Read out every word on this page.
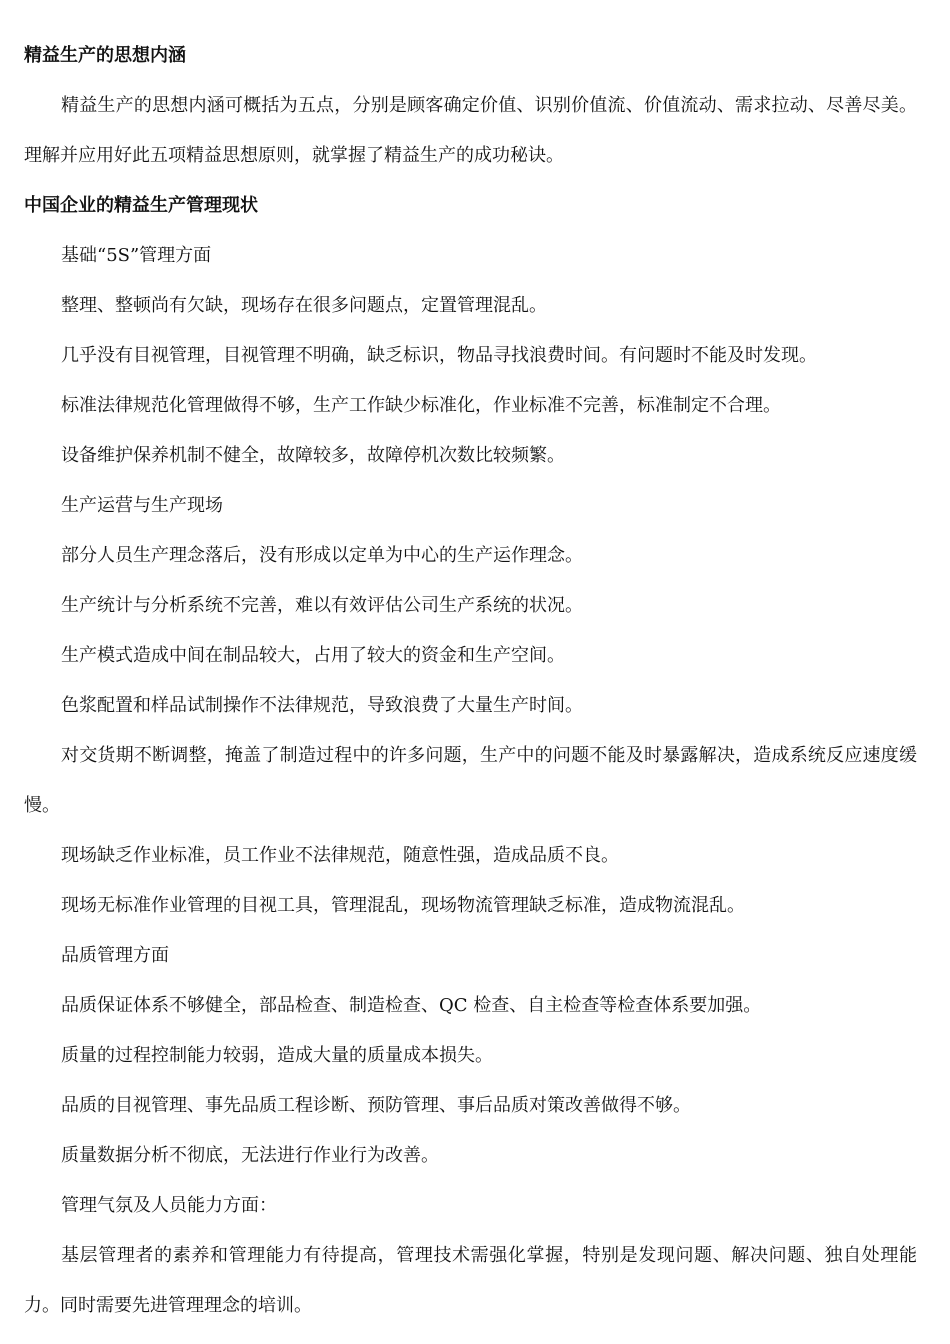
精益生产的思想内涵

精益生产的思想内涵可概括为五点，分别是顾客确定价值、识别价值流、价值流动、需求拉动、尽善尽美。理解并应用好此五项精益思想原则，就掌握了精益生产的成功秘诀。

中国企业的精益生产管理现状

基础“5S”管理方面

整理、整顿尚有欠缺，现场存在很多问题点，定置管理混乱。

几乎没有目视管理，目视管理不明确，缺乏标识，物品寻找浪费时间。有问题时不能及时发现。

标准法律规范化管理做得不够，生产工作缺少标准化，作业标准不完善，标准制定不合理。

设备维护保养机制不健全，故障较多，故障停机次数比较频繁。

生产运营与生产现场

部分人员生产理念落后，没有形成以定单为中心的生产运作理念。

生产统计与分析系统不完善，难以有效评估公司生产系统的状况。

生产模式造成中间在制品较大，占用了较大的资金和生产空间。

色浆配置和样品试制操作不法律规范，导致浪费了大量生产时间。

对交货期不断调整，掩盖了制造过程中的许多问题，生产中的问题不能及时暴露解决，造成系统反应速度缓慢。

现场缺乏作业标准，员工作业不法律规范，随意性强，造成品质不良。

现场无标准作业管理的目视工具，管理混乱，现场物流管理缺乏标准，造成物流混乱。

品质管理方面

品质保证体系不够健全，部品检查、制造检查、QC 检查、自主检查等检查体系要加强。

质量的过程控制能力较弱，造成大量的质量成本损失。

品质的目视管理、事先品质工程诊断、预防管理、事后品质对策改善做得不够。

质量数据分析不彻底，无法进行作业行为改善。

管理气氛及人员能力方面：

基层管理者的素养和管理能力有待提高，管理技术需强化掌握，特别是发现问题、解决问题、独自处理能力。同时需要先进管理理念的培训。
